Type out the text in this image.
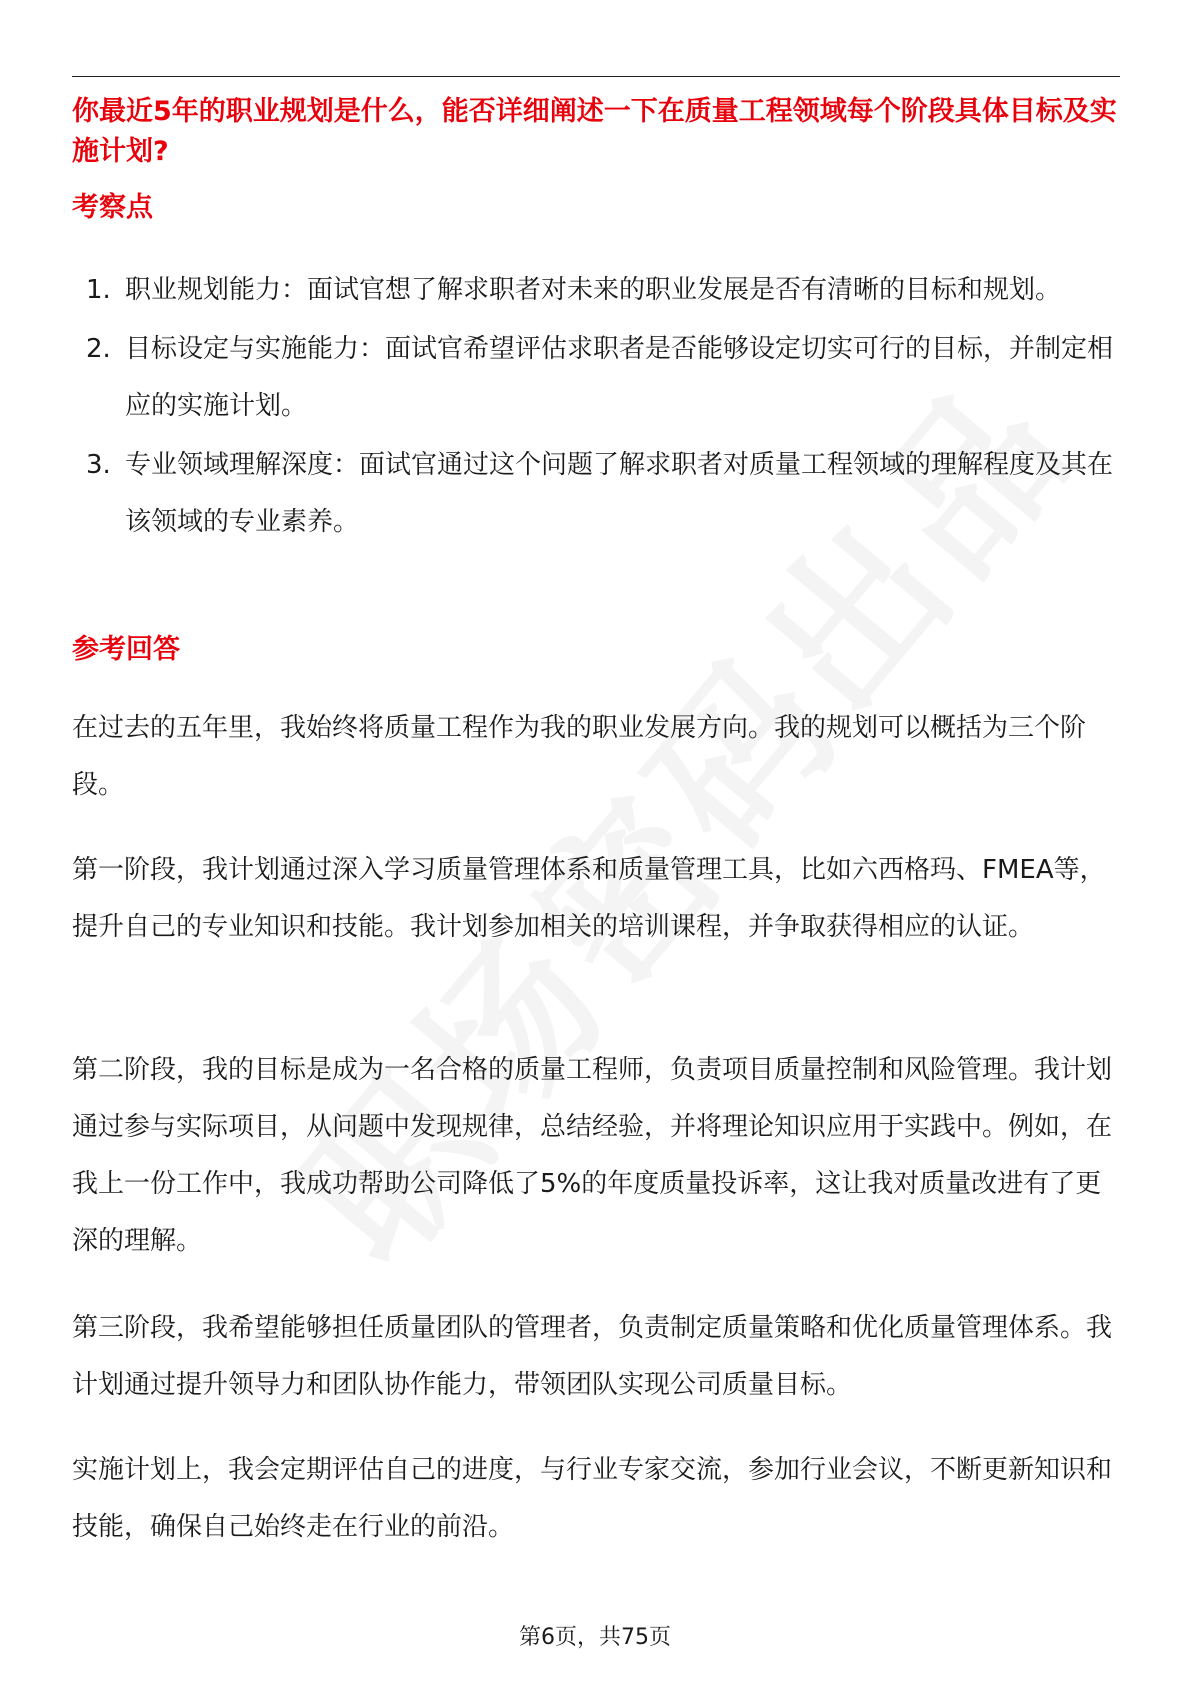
你最近5年的职业规划是什么，能否详细阐述一下在质量工程领域每个阶段具体目标及实施计划?
考察点
1. 职业规划能力：面试官想了解求职者对未来的职业发展是否有清晰的目标和规划。
2. 目标设定与实施能力：面试官希望评估求职者是否能够设定切实可行的目标，并制定相应的实施计划。
3. 专业领域理解深度：面试官通过这个问题了解求职者对质量工程领域的理解程度及其在该领域的专业素养。
参考回答

在过去的五年里，我始终将质量工程作为我的职业发展方向。我的规划可以概括为三个阶段。

第一阶段，我计划通过深入学习质量管理体系和质量管理工具，比如六西格玛、FMEA等，提升自己的专业知识和技能。我计划参加相关的培训课程，并争取获得相应的认证。

第二阶段，我的目标是成为一名合格的质量工程师，负责项目质量控制和风险管理。我计划通过参与实际项目，从问题中发现规律，总结经验，并将理论知识应用于实践中。例如，在我上一份工作中，我成功帮助公司降低了5%的年度质量投诉率，这让我对质量改进有了更深的理解。

第三阶段，我希望能够担任质量团队的管理者，负责制定质量策略和优化质量管理体系。我计划通过提升领导力和团队协作能力，带领团队实现公司质量目标。

实施计划上，我会定期评估自己的进度，与行业专家交流，参加行业会议，不断更新知识和技能，确保自己始终走在行业的前沿。

第6页，共75页
